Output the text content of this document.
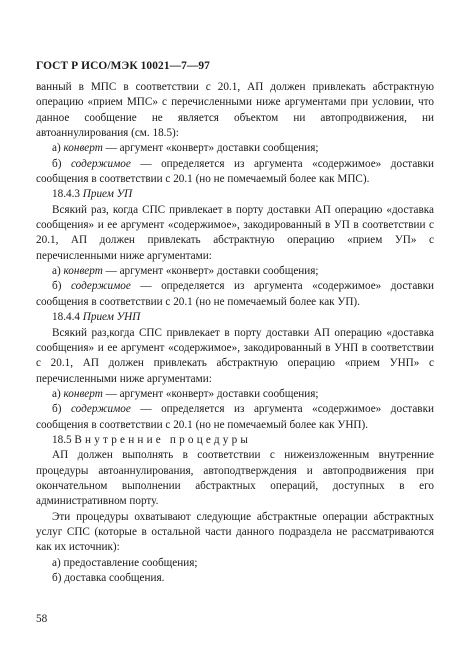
ГОСТ Р ИСО/МЭК 10021—7—97

ванный в МПС в соответствии с 20.1, АП должен привлекать абстрактную операцию «прием МПС» с перечисленными ниже аргументами при условии, что данное сообщение не является объектом ни автопродвижения, ни автоаннулирования (см. 18.5):

а) конверт — аргумент «конверт» доставки сообщения;

б) содержимое — определяется из аргумента «содержимое» доставки сообщения в соответствии с 20.1 (но не помечаемый более как МПС).

18.4.3 Прием УП

Всякий раз, когда СПС привлекает в порту доставки АП операцию «доставка сообщения» и ее аргумент «содержимое», закодированный в УП в соответствии с 20.1, АП должен привлекать абстрактную операцию «прием УП» с перечисленными ниже аргументами:

а) конверт — аргумент «конверт» доставки сообщения;

б) содержимое — определяется из аргумента «содержимое» доставки сообщения в соответствии с 20.1 (но не помечаемый более как УП).

18.4.4 Прием УНП

Всякий раз,когда СПС привлекает в порту доставки АП операцию «доставка сообщения» и ее аргумент «содержимое», закодированный в УНП в соответствии с 20.1, АП должен привлекать абстрактную операцию «прием УНП» с перечисленными ниже аргументами:

а) конверт — аргумент «конверт» доставки сообщения;

б) содержимое — определяется из аргумента «содержимое» доставки сообщения в соответствии с 20.1 (но не помечаемый более как УНП).

18.5 Внутренние процедуры

АП должен выполнять в соответствии с нижеизложенным внутренние процедуры автоаннулирования, автоподтверждения и автопродвижения при окончательном выполнении абстрактных операций, доступных в его административном порту.

Эти процедуры охватывают следующие абстрактные операции абстрактных услуг СПС (которые в остальной части данного подраздела не рассматриваются как их источник):

а) предоставление сообщения;

б) доставка сообщения.

58
